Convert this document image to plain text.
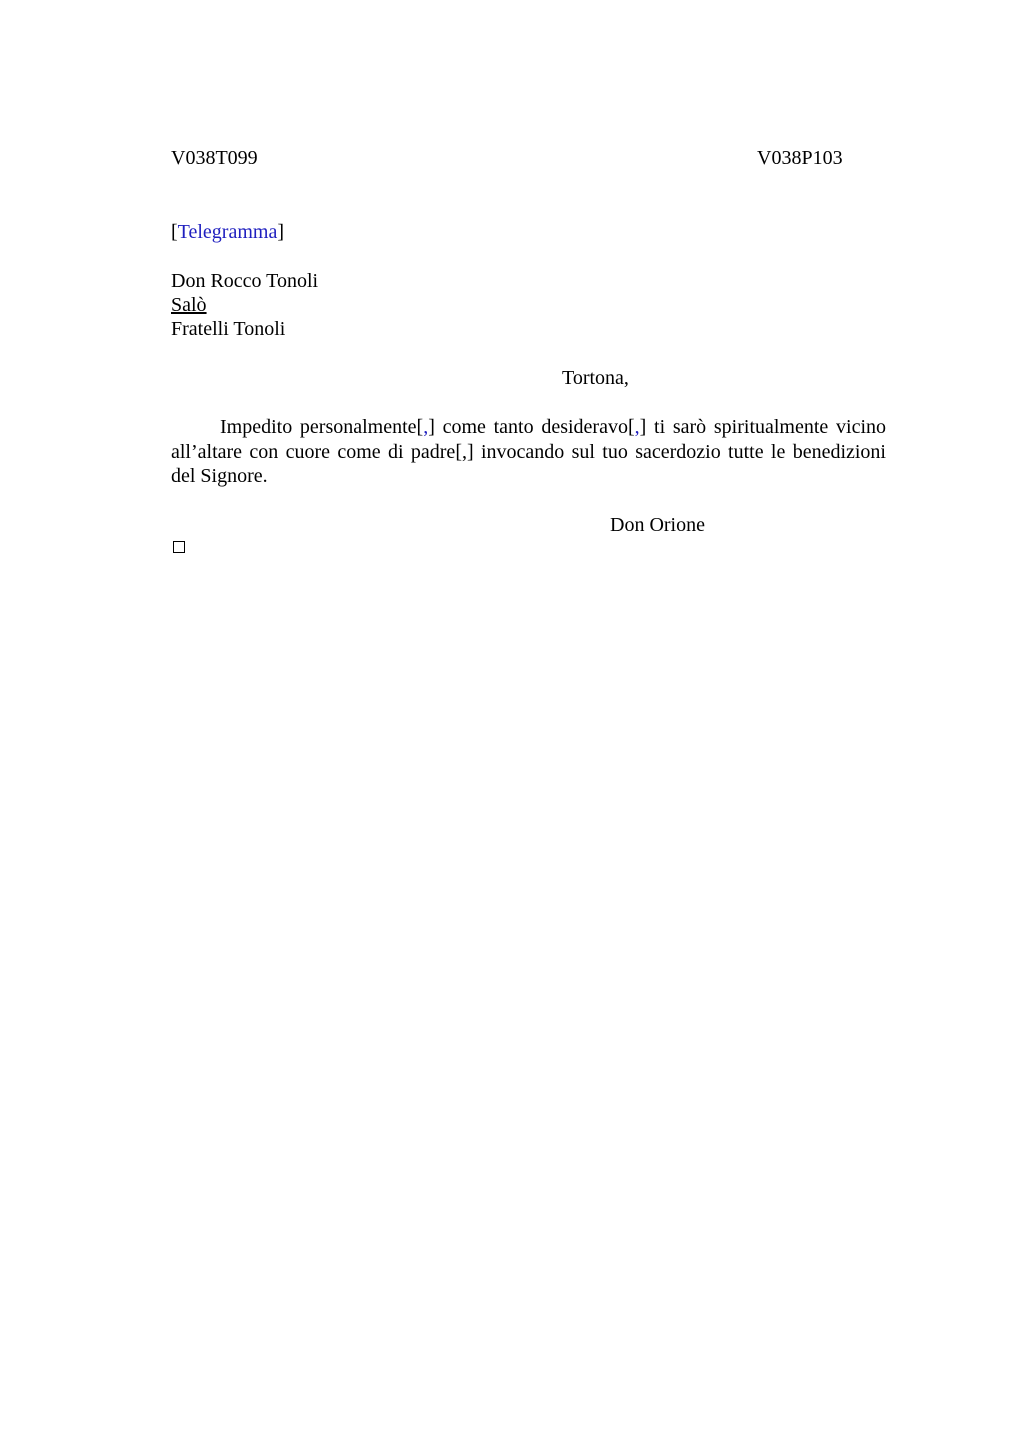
V038T099	V038P103
[Telegramma]
Don Rocco Tonoli
Salò
Fratelli Tonoli
Tortona,
Impedito personalmente[,] come tanto desideravo[,] ti sarò spiritualmente vicino all’altare con cuore come di padre[,] invocando sul tuo sacerdozio tutte le benedizioni del Signore.
Don Orione
